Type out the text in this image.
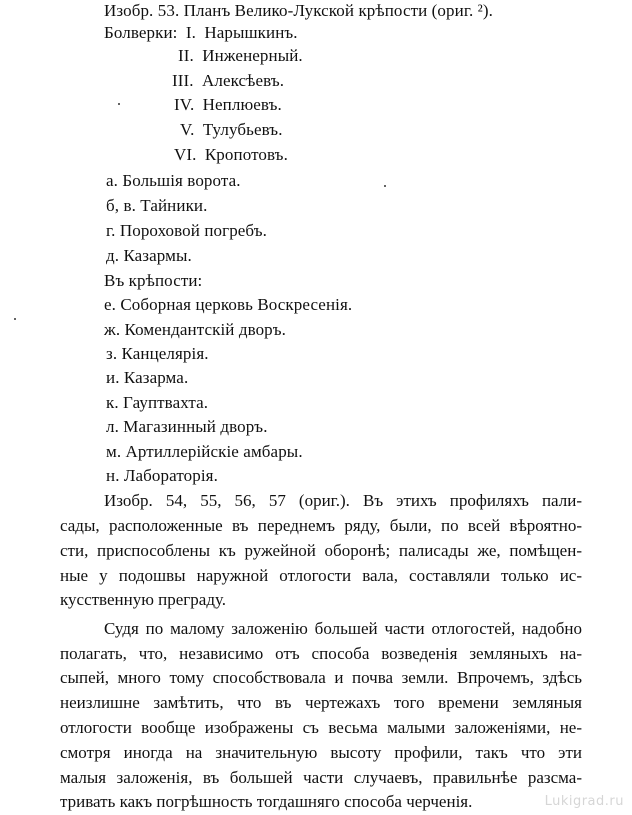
Изобр. 53. Планъ Велико-Лукской крѣпости (ориг. ²).
Болверки: I. Нарышкинъ.
II. Инженерный.
III. Алексѣевъ.
IV. Неплюевъ.
V. Тулубьевъ.
VI. Кропотовъ.
а. Большія ворота.
б, в. Тайники.
г. Пороховой погребъ.
д. Казармы.
Въ крѣпости:
е. Соборная церковь Воскресенія.
ж. Комендантскій дворъ.
з. Канцелярія.
и. Казарма.
к. Гауптвахта.
л. Магазинный дворъ.
м. Артиллерійскіе амбары.
н. Лабораторія.
Изобр. 54, 55, 56, 57 (ориг.). Въ этихъ профиляхъ пали-
сады, расположенные въ переднемъ ряду, были, по всей вѣроятно-
сти, приспособлены къ ружейной оборонѣ; палисады же, помѣщен-
ные у подошвы наружной отлогости вала, составляли только ис-
кусственную преграду.
Судя по малому заложенію большей части отлогостей, надобно
полагать, что, независимо отъ способа возведенія земляныхъ на-
сыпей, много тому способствовала и почва земли. Впрочемъ, здѣсь
неизлишне замѣтить, что въ чертежахъ того времени земляныя
отлогости вообще изображены съ весьма малыми заложеніями, не-
смотря иногда на значительную высоту профили, такъ что эти
малыя заложенія, въ большей части случаевъ, правильнѣе разсма-
тривать какъ погрѣшность тогдашняго способа черченія.	Lukigrad.ru
